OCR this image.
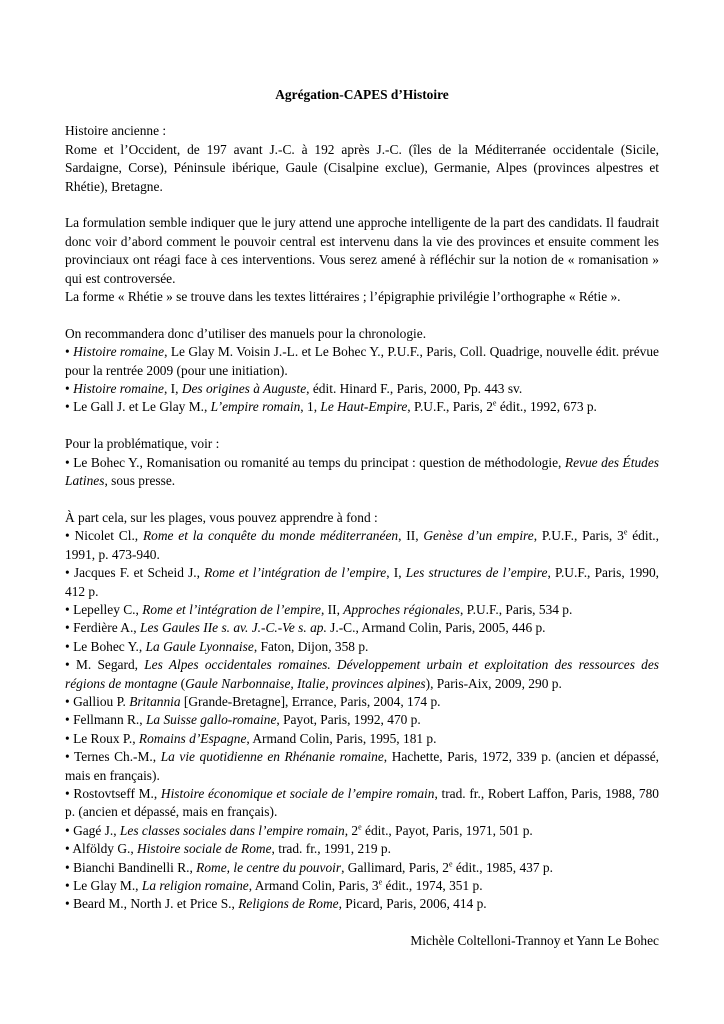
Agrégation-CAPES d’Histoire

Histoire ancienne :

Rome et l’Occident, de 197 avant J.-C. à 192 après J.-C. (îles de la Méditerranée occidentale (Sicile, Sardaigne, Corse), Péninsule ibérique, Gaule (Cisalpine exclue), Germanie, Alpes (provinces alpestres et Rhétie), Bretagne.

La formulation semble indiquer que le jury attend une approche intelligente de la part des candidats. Il faudrait donc voir d’abord comment le pouvoir central est intervenu dans la vie des provinces et ensuite comment les provinciaux ont réagi face à ces interventions. Vous serez amené à réfléchir sur la notion de « romanisation » qui est controversée.

La forme « Rhétie » se trouve dans les textes littéraires ; l’épigraphie privilégie l’orthographe « Rétie ».

On recommandera donc d’utiliser des manuels pour la chronologie.

• Histoire romaine, Le Glay M. Voisin J.-L. et Le Bohec Y., P.U.F., Paris, Coll. Quadrige, nouvelle édit. prévue pour la rentrée 2009 (pour une initiation).

• Histoire romaine, I, Des origines à Auguste, édit. Hinard F., Paris, 2000, Pp. 443 sv.

• Le Gall J. et Le Glay M., L’empire romain, 1, Le Haut-Empire, P.U.F., Paris, 2e édit., 1992, 673 p.

Pour la problématique, voir :

• Le Bohec Y., Romanisation ou romanité au temps du principat : question de méthodologie, Revue des Études Latines, sous presse.

À part cela, sur les plages, vous pouvez apprendre à fond :

• Nicolet Cl., Rome et la conquête du monde méditerranéen, II, Genèse d’un empire, P.U.F., Paris, 3e édit., 1991, p. 473-940.

• Jacques F. et Scheid J., Rome et l’intégration de l’empire, I, Les structures de l’empire, P.U.F., Paris, 1990, 412 p.

• Lepelley C., Rome et l’intégration de l’empire, II, Approches régionales, P.U.F., Paris, 534 p.

• Ferdière A., Les Gaules IIe s. av. J.-C.-Ve s. ap. J.-C., Armand Colin, Paris, 2005, 446 p.

• Le Bohec Y., La Gaule Lyonnaise, Faton, Dijon, 358 p.

• M. Segard, Les Alpes occidentales romaines. Développement urbain et exploitation des ressources des régions de montagne (Gaule Narbonnaise, Italie, provinces alpines), Paris-Aix, 2009, 290 p.

• Galliou P. Britannia [Grande-Bretagne], Errance, Paris, 2004, 174 p.

• Fellmann R., La Suisse gallo-romaine, Payot, Paris, 1992, 470 p.

• Le Roux P., Romains d’Espagne, Armand Colin, Paris, 1995, 181 p.

• Ternes Ch.-M., La vie quotidienne en Rhénanie romaine, Hachette, Paris, 1972, 339 p. (ancien et dépassé, mais en français).

• Rostovtseff M., Histoire économique et sociale de l’empire romain, trad. fr., Robert Laffon, Paris, 1988, 780 p. (ancien et dépassé, mais en français).

• Gagé J., Les classes sociales dans l’empire romain, 2e édit., Payot, Paris, 1971, 501 p.

• Alföldy G., Histoire sociale de Rome, trad. fr., 1991, 219 p.

• Bianchi Bandinelli R., Rome, le centre du pouvoir, Gallimard, Paris, 2e édit., 1985, 437 p.

• Le Glay M., La religion romaine, Armand Colin, Paris, 3e édit., 1974, 351 p.

• Beard M., North J. et Price S., Religions de Rome, Picard, Paris, 2006, 414 p.

Michèle Coltelloni-Trannoy et Yann Le Bohec
